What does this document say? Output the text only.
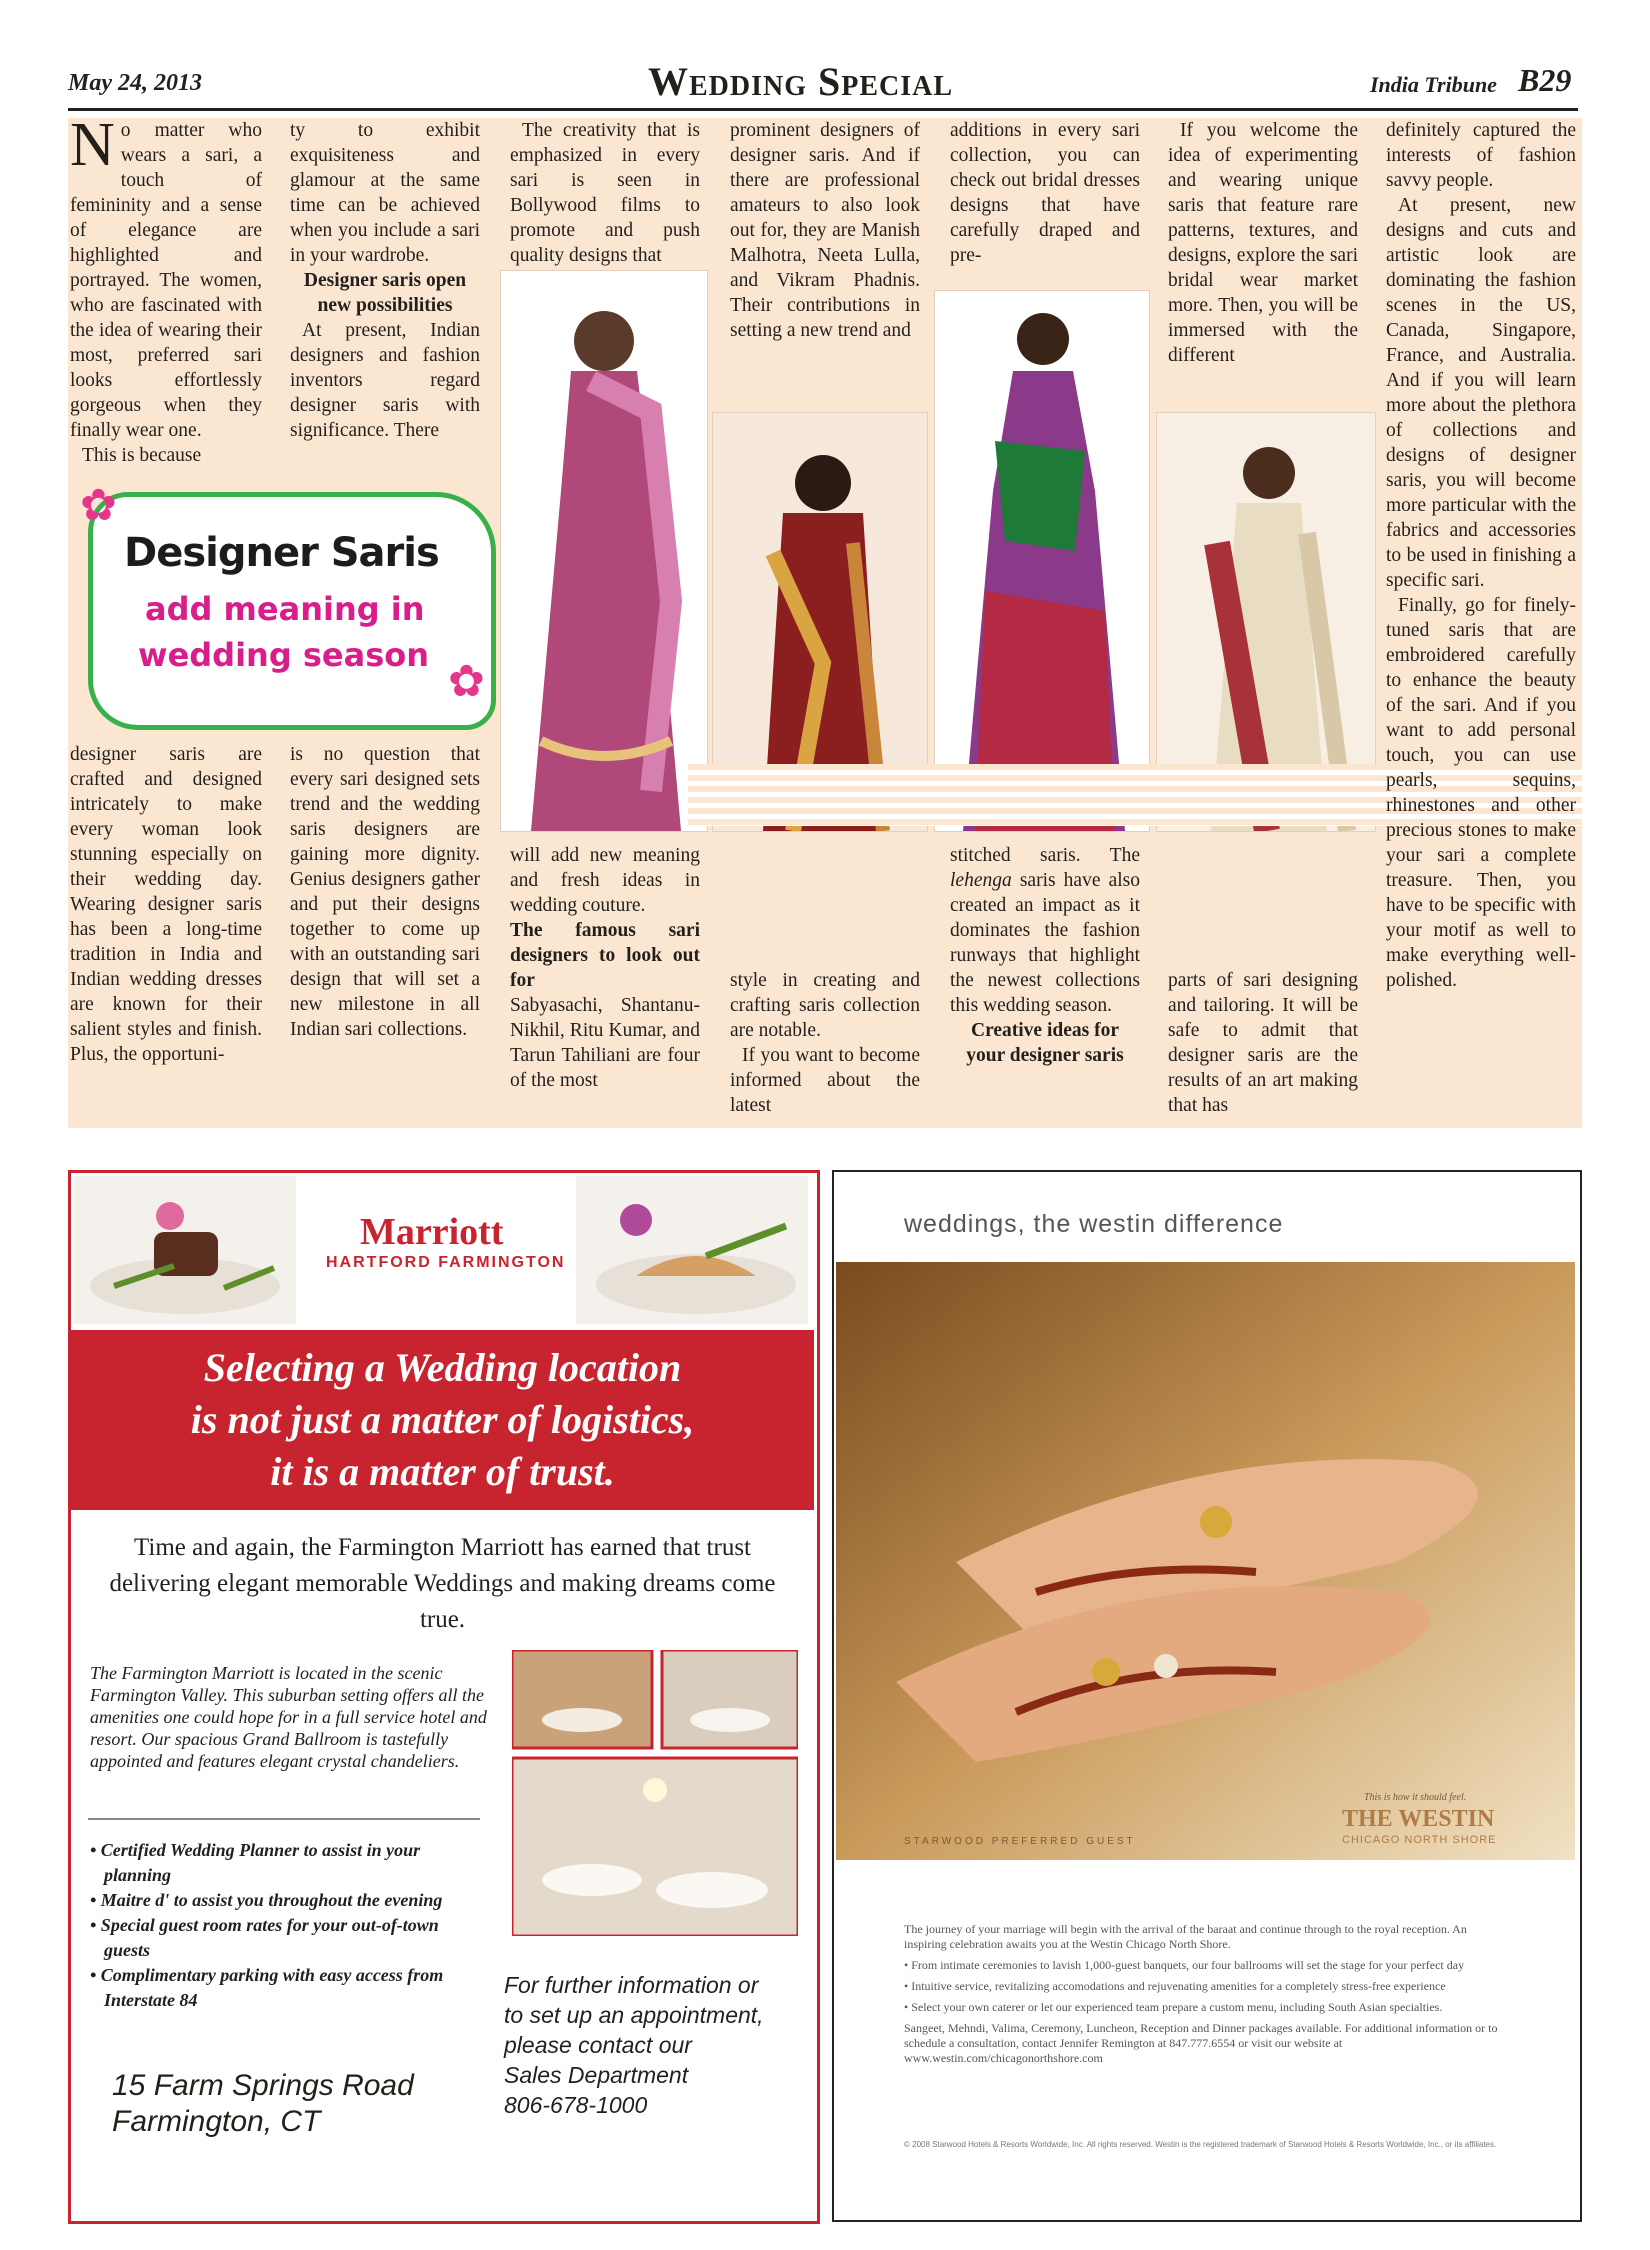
May 24, 2013	Wedding Special	India Tribune B29
No matter who wears a sari, a touch of femininity and a sense of elegance are highlighted and portrayed. The women, who are fascinated with the idea of wearing their most, preferred sari looks effortlessly gorgeous when they finally wear one.

This is because

designer saris are crafted and designed intricately to make every woman look stunning especially on their wedding day. Wearing designer saris has been a long-time tradition in India and Indian wedding dresses are known for their salient styles and finish. Plus, the opportuni-
✿
✿
Designer Saris
add meaning in
wedding season
ty to exhibit exquisiteness and glamour at the same time can be achieved when you include a sari in your wardrobe.
Designer saris open new possibilities

At present, Indian designers and fashion inventors regard designer saris with significance. There

is no question that every sari designed sets trend and the wedding saris designers are gaining more dignity. Genius designers gather and put their designs together to come up with an outstanding sari design that will set a new milestone in all Indian sari collections.

The creativity that is emphasized in every sari is seen in Bollywood films to promote and push quality designs that

will add new meaning and fresh ideas in wedding couture.
The famous sari designers to look out for
Sabyasachi, Shantanu-Nikhil, Ritu Kumar, and Tarun Tahiliani are four of the most
prominent designers of designer saris. And if there are professional amateurs to also look out for, they are Manish Malhotra, Neeta Lulla, and Vikram Phadnis. Their contributions in setting a new trend and
style in creating and crafting saris collection are notable.

If you want to become informed about the latest

additions in every sari collection, you can check out bridal dresses designs that have carefully draped and pre-
stitched saris. The lehenga saris have also created an impact as it dominates the fashion runways that highlight the newest collections this wedding season.
Creative ideas for your designer saris

If you welcome the idea of experimenting and wearing unique saris that feature rare patterns, textures, and designs, explore the sari bridal wear market more. Then, you will be immersed with the different

parts of sari designing and tailoring. It will be safe to admit that designer saris are the results of an art making that has
definitely captured the interests of fashion savvy people.

At present, new designs and cuts and artistic look are dominating the fashion scenes in the US, Canada, Singapore, France, and Australia. And if you will learn more about the plethora of collections and designs of designer saris, you will become more particular with the fabrics and accessories to be used in finishing a specific sari.

Finally, go for finely-tuned saris that are embroidered carefully to enhance the beauty of the sari. And if you want to add personal touch, you can use pearls, sequins, rhinestones and other precious stones to make your sari a complete treasure. Then, you have to be specific with your motif as well to make everything well-polished.

Marriott
HARTFORD FARMINGTON
Selecting a Wedding location
is not just a matter of logistics,
it is a matter of trust.
Time and again, the Farmington Marriott has earned that trust delivering elegant memorable Weddings and making dreams come true.
The Farmington Marriott is located in the scenic Farmington Valley. This suburban setting offers all the amenities one could hope for in a full service hotel and resort. Our spacious Grand Ballroom is tastefully appointed and features elegant crystal chandeliers.
• Certified Wedding Planner to assist in your planning
• Maitre d' to assist you throughout the evening
• Special guest room rates for your out-of-town guests
• Complimentary parking with easy access from Interstate 84
15 Farm Springs Road
Farmington, CT
For further information or
to set up an appointment,
please contact our
Sales Department
806-678-1000
weddings, the westin difference
This is how it should feel.
THE WESTIN
CHICAGO NORTH SHORE
STARWOOD PREFERRED GUEST

The journey of your marriage will begin with the arrival of the baraat and continue through to the royal reception. An inspiring celebration awaits you at the Westin Chicago North Shore.

• From intimate ceremonies to lavish 1,000-guest banquets, our four ballrooms will set the stage for your perfect day

• Intuitive service, revitalizing accomodations and rejuvenating amenities for a completely stress-free experience

• Select your own caterer or let our experienced team prepare a custom menu, including South Asian specialties.

Sangeet, Mehndi, Valima, Ceremony, Luncheon, Reception and Dinner packages available. For additional information or to schedule a consultation, contact Jennifer Remington at 847.777.6554 or visit our website at www.westin.com/chicagonorthshore.com

© 2008 Starwood Hotels & Resorts Worldwide, Inc. All rights reserved. Westin is the registered trademark of Starwood Hotels & Resorts Worldwide, Inc., or its affiliates.
